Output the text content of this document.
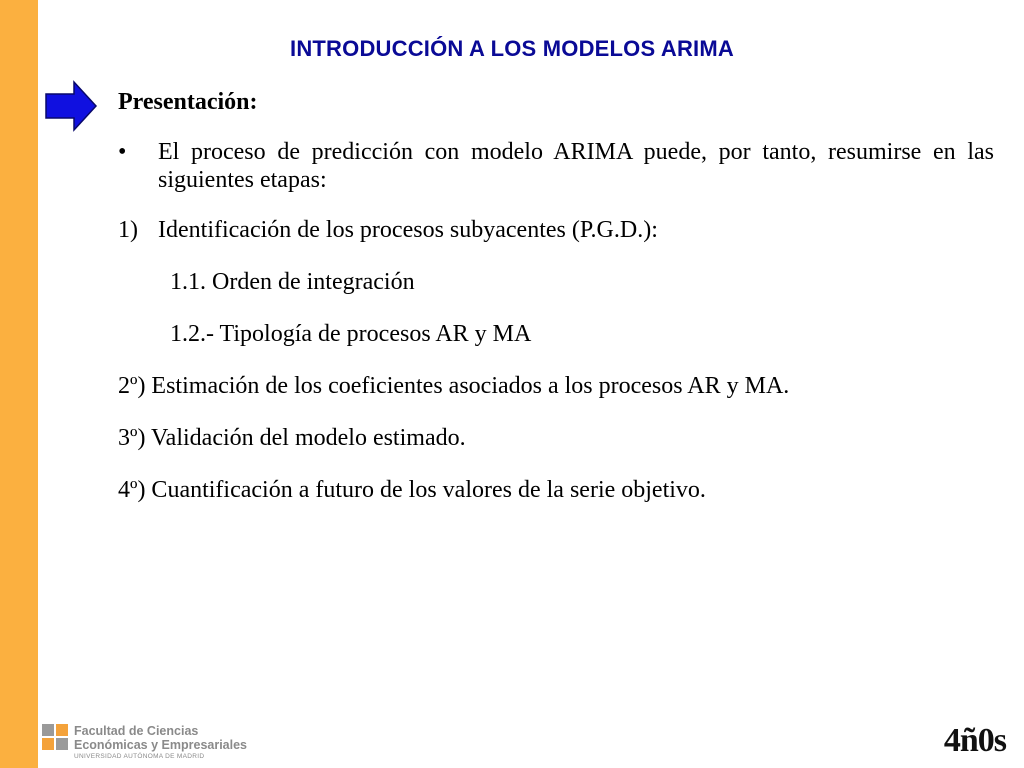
INTRODUCCIÓN A LOS MODELOS ARIMA
Presentación:
•	El proceso de predicción con modelo ARIMA puede, por tanto, resumirse en las siguientes etapas:
1) Identificación de los procesos subyacentes (P.G.D.):
1.1. Orden de integración
1.2.- Tipología de procesos AR y MA
2º) Estimación de los coeficientes asociados a los procesos AR y MA.
3º) Validación del modelo estimado.
4º) Cuantificación a futuro de los valores de la serie objetivo.
Facultad de Ciencias
Económicas y Empresariales
UNIVERSIDAD AUTÓNOMA DE MADRID	4ñ0s
